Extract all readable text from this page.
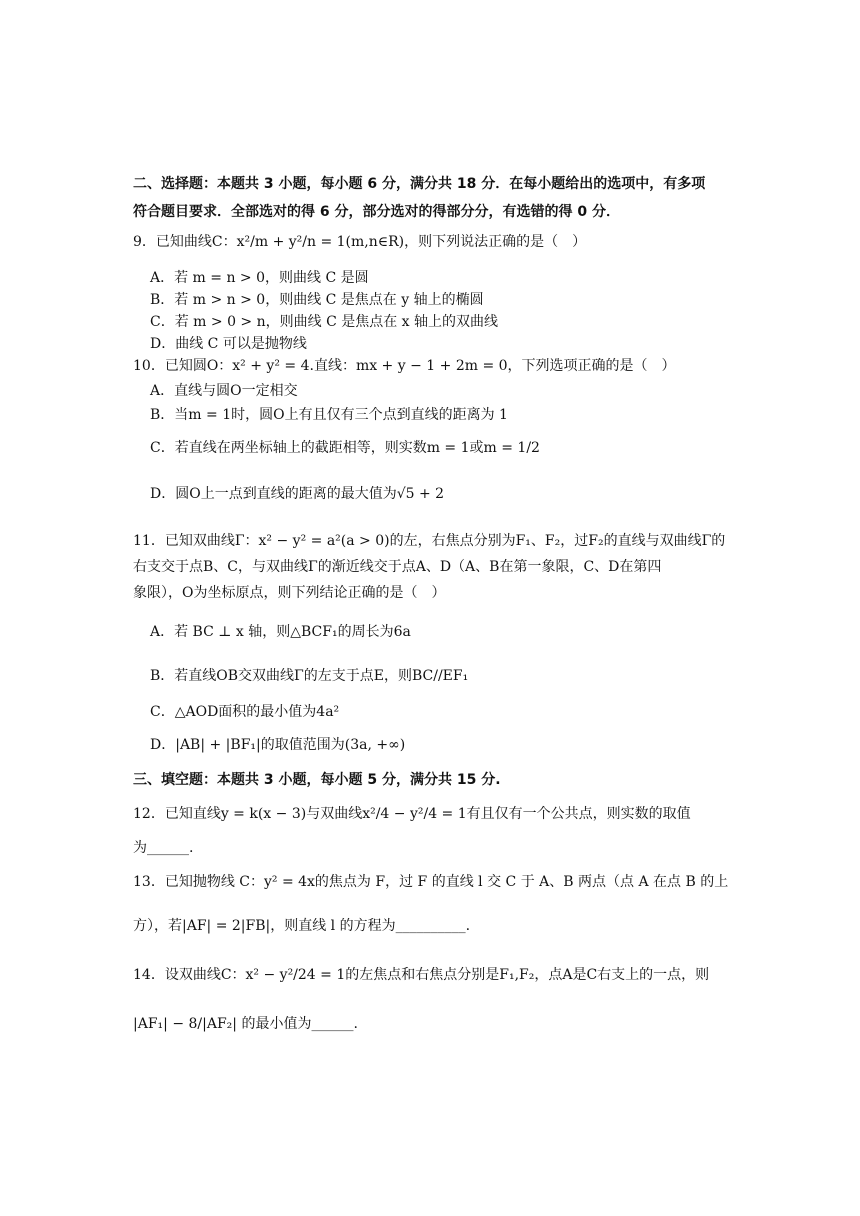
二、选择题：本题共 3 小题，每小题 6 分，满分共 18 分．在每小题给出的选项中，有多项
符合题目要求．全部选对的得 6 分，部分选对的得部分分，有选错的得 0 分．
9．已知曲线C：x²/m + y²/n = 1(m,n∈R)，则下列说法正确的是（　）
A．若 m = n > 0，则曲线 C 是圆
B．若 m > n > 0，则曲线 C 是焦点在 y 轴上的椭圆
C．若 m > 0 > n，则曲线 C 是焦点在 x 轴上的双曲线
D．曲线 C 可以是抛物线
10．已知圆O：x² + y² = 4.直线：mx + y − 1 + 2m = 0，下列选项正确的是（　）
A．直线与圆O一定相交
B．当m = 1时，圆O上有且仅有三个点到直线的距离为 1
C．若直线在两坐标轴上的截距相等，则实数m = 1或m = 1/2
D．圆O上一点到直线的距离的最大值为√5 + 2
11．已知双曲线Γ：x² − y² = a²(a > 0)的左，右焦点分别为F₁、F₂，过F₂的直线与双曲线Γ的
右支交于点B、C，与双曲线Γ的渐近线交于点A、D（A、B在第一象限，C、D在第四
象限），O为坐标原点，则下列结论正确的是（　）
A．若 BC ⊥ x 轴，则△BCF₁的周长为6a
B．若直线OB交双曲线Γ的左支于点E，则BC//EF₁
C．△AOD面积的最小值为4a²
D．|AB| + |BF₁|的取值范围为(3a, +∞)
三、填空题：本题共 3 小题，每小题 5 分，满分共 15 分.
12．已知直线y = k(x − 3)与双曲线x²/4 − y²/4 = 1有且仅有一个公共点，则实数的取值
为______.
13．已知抛物线 C：y² = 4x的焦点为 F，过 F 的直线 l 交 C 于 A、B 两点（点 A 在点 B 的上
方），若|AF| = 2|FB|，则直线 l 的方程为__________.
14．设双曲线C：x² − y²/24 = 1的左焦点和右焦点分别是F₁,F₂，点A是C右支上的一点，则
|AF₁| − 8/|AF₂| 的最小值为______.
